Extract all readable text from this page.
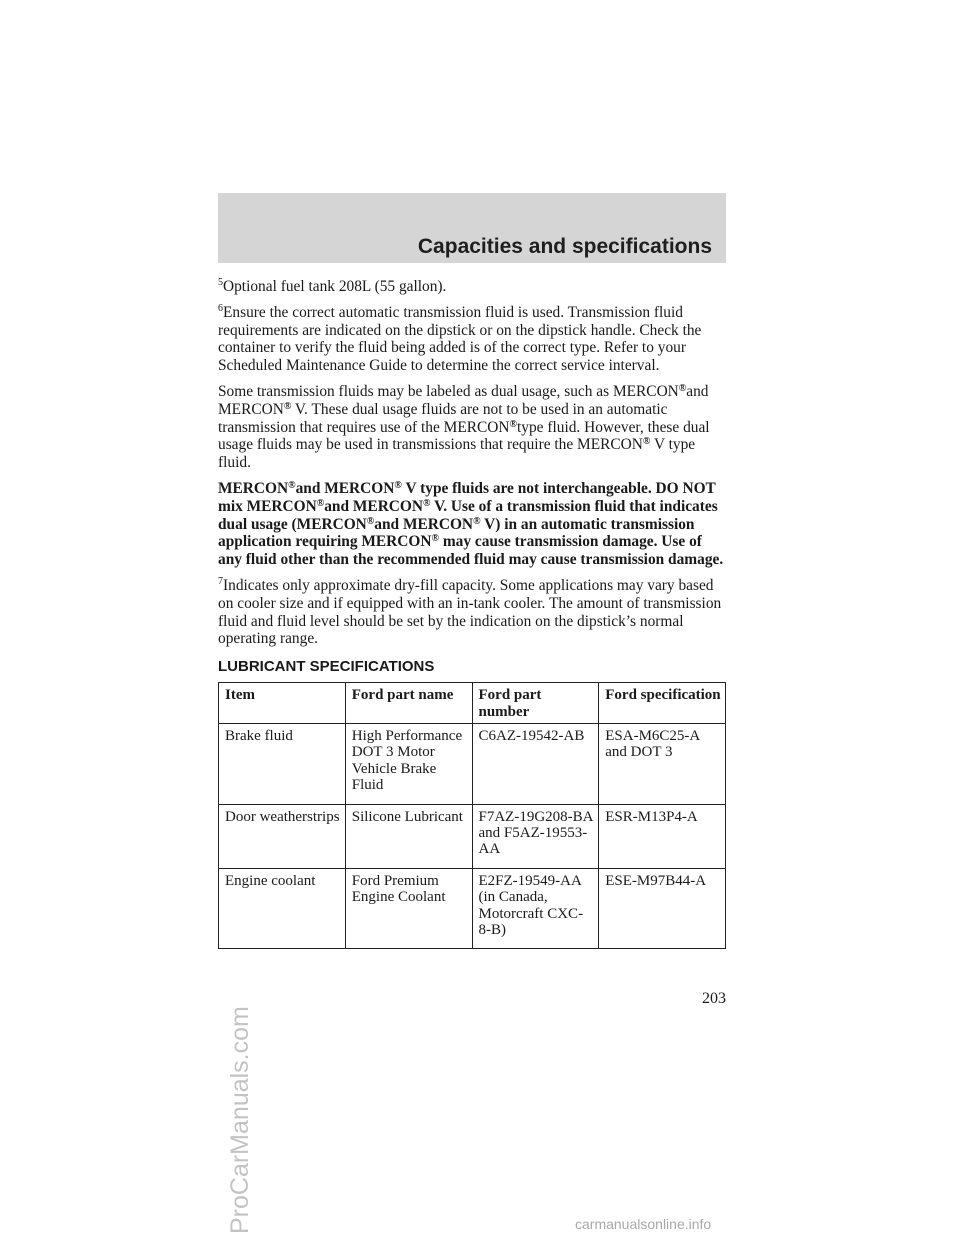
Capacities and specifications

$^5$Optional fuel tank 208L (55 gallon).

$^6$Ensure the correct automatic transmission fluid is used. Transmission fluid requirements are indicated on the dipstick or on the dipstick handle. Check the container to verify the fluid being added is of the correct type. Refer to your Scheduled Maintenance Guide to determine the correct service interval.

Some transmission fluids may be labeled as dual usage, such as MERCON®and MERCON® V. These dual usage fluids are not to be used in an automatic transmission that requires use of the MERCON®type fluid. However, these dual usage fluids may be used in transmissions that require the MERCON® V type fluid.

MERCON®and MERCON® V type fluids are not interchangeable. DO NOT mix MERCON®and MERCON® V. Use of a transmission fluid that indicates dual usage (MERCON®and MERCON® V) in an automatic transmission application requiring MERCON® may cause transmission damage. Use of any fluid other than the recommended fluid may cause transmission damage.

$^7$Indicates only approximate dry-fill capacity. Some applications may vary based on cooler size and if equipped with an in-tank cooler. The amount of transmission fluid and fluid level should be set by the indication on the dipstick’s normal operating range.

LUBRICANT SPECIFICATIONS
Item	Ford part name	Ford part number	Ford specification
Brake fluid	High Performance DOT 3 Motor Vehicle Brake Fluid	C6AZ-19542-AB	ESA-M6C25-A and DOT 3
Door weatherstrips	Silicone Lubricant	F7AZ-19G208-BA and F5AZ-19553-AA	ESR-M13P4-A
Engine coolant	Ford Premium Engine Coolant	E2FZ-19549-AA (in Canada, Motorcraft CXC-8-B)	ESE-M97B44-A
203
ProCarManuals
.com
carmanualsonline.info
